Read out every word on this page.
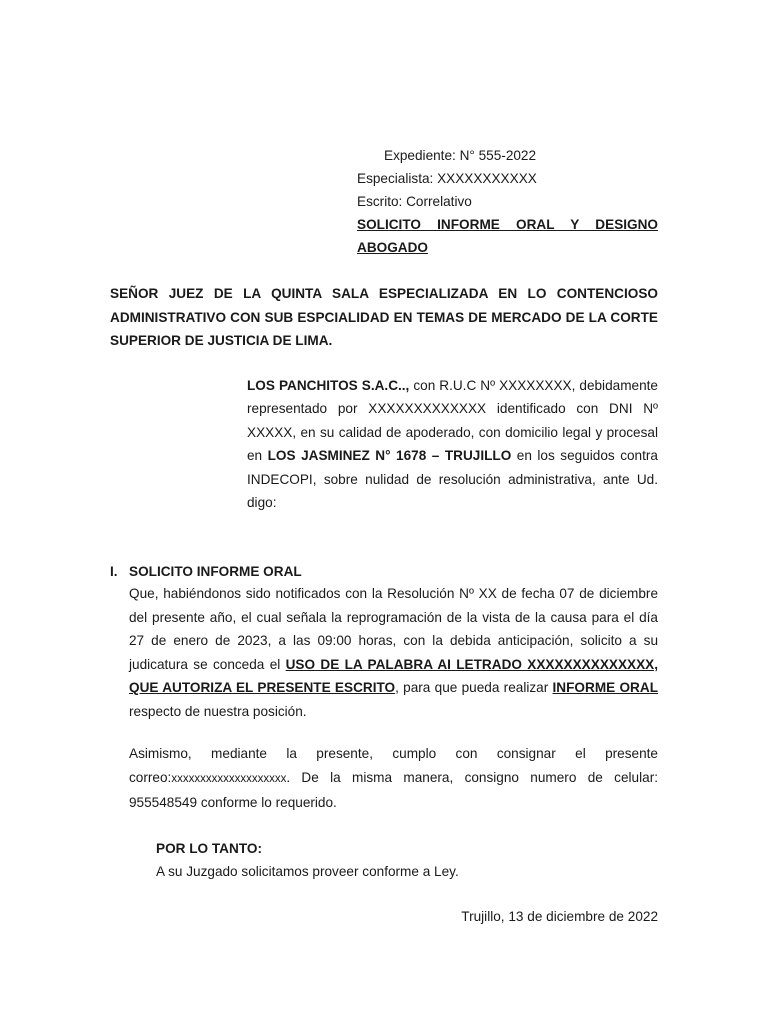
Expediente: N° 555-2022
Especialista: XXXXXXXXXXX
Escrito: Correlativo
SOLICITO INFORME ORAL Y DESIGNO ABOGADO
SEÑOR JUEZ DE LA QUINTA SALA ESPECIALIZADA EN LO CONTENCIOSO ADMINISTRATIVO CON SUB ESPCIALIDAD EN TEMAS DE MERCADO DE LA CORTE SUPERIOR DE JUSTICIA DE LIMA.
LOS PANCHITOS S.A.C.., con R.U.C Nº XXXXXXXX, debidamente representado por XXXXXXXXXXXXX identificado con DNI Nº XXXXX, en su calidad de apoderado, con domicilio legal y procesal en LOS JASMINEZ N° 1678 – TRUJILLO en los seguidos contra INDECOPI, sobre nulidad de resolución administrativa, ante Ud. digo:
I. SOLICITO INFORME ORAL
Que, habiéndonos sido notificados con la Resolución Nº XX de fecha 07 de diciembre del presente año, el cual señala la reprogramación de la vista de la causa para el día 27 de enero de 2023, a las 09:00 horas, con la debida anticipación, solicito a su judicatura se conceda el USO DE LA PALABRA AI LETRADO XXXXXXXXXXXXXX, QUE AUTORIZA EL PRESENTE ESCRITO, para que pueda realizar INFORME ORAL respecto de nuestra posición.
Asimismo, mediante la presente, cumplo con consignar el presente correo:xxxxxxxxxxxxxxxxxxxx. De la misma manera, consigno numero de celular: 955548549 conforme lo requerido.
POR LO TANTO:
A su Juzgado solicitamos proveer conforme a Ley.
Trujillo, 13 de diciembre de 2022
